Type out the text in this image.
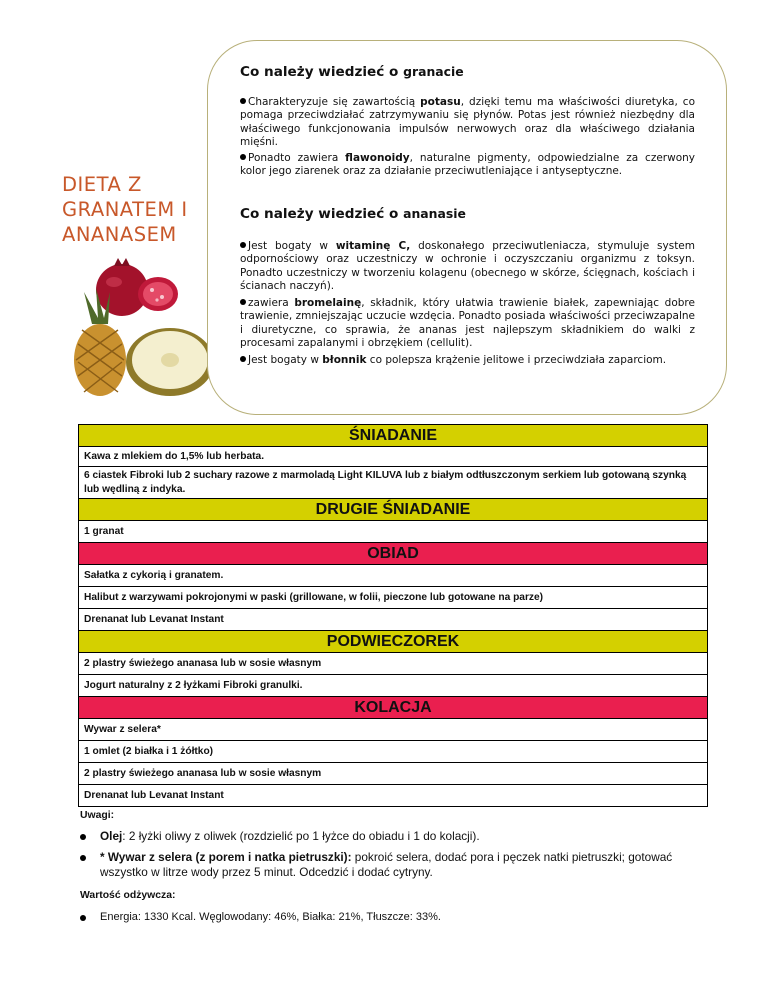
DIETA Z
GRANATEM I
ANANASEM
Co należy wiedzieć o granacie
Charakteryzuje się zawartością potasu, dzięki temu ma właściwości diuretyka, co pomaga przeciwdziałać zatrzymywaniu się płynów. Potas jest również niezbędny dla właściwego funkcjonowania impulsów nerwowych oraz dla właściwego działania mięśni.
Ponadto zawiera flawonoidy, naturalne pigmenty, odpowiedzialne za czerwony kolor jego ziarenek oraz za działanie przeciwutleniające i antyseptyczne.
Co należy wiedzieć o ananasie
Jest bogaty w witaminę C, doskonałego przeciwutleniacza, stymuluje system odpornościowy oraz uczestniczy w ochronie i oczyszczaniu organizmu z toksyn. Ponadto uczestniczy w tworzeniu kolagenu (obecnego w skórze, ścięgnach, kościach i ścianach naczyń).
zawiera bromelainę, składnik, który ułatwia trawienie białek, zapewniając dobre trawienie, zmniejszając uczucie wzdęcia. Ponadto posiada właściwości przeciwzapalne i diuretyczne, co sprawia, że ananas jest najlepszym składnikiem do walki z procesami zapalanymi i obrzękiem (cellulit).
Jest bogaty w błonnik co polepsza krążenie jelitowe i przeciwdziała zaparciom.
ŚNIADANIE
Kawa z mlekiem do 1,5% lub herbata.
6 ciastek Fibroki lub 2 suchary razowe z marmoladą Light KILUVA lub z białym odtłuszczonym serkiem lub gotowaną szynką lub wędliną z indyka.
DRUGIE ŚNIADANIE
1 granat
OBIAD
Sałatka z cykorią i granatem.
Halibut z warzywami pokrojonymi w paski (grillowane, w folii, pieczone lub gotowane na parze)
Drenanat lub Levanat Instant
PODWIECZOREK
2 plastry świeżego ananasa lub w sosie własnym
Jogurt naturalny z 2 łyżkami Fibroki granulki.
KOLACJA
Wywar z selera*
1 omlet (2 białka i 1 żółtko)
2 plastry świeżego ananasa lub w sosie własnym
Drenanat lub Levanat Instant
Uwagi:
Olej: 2 łyżki oliwy z oliwek (rozdzielić po 1 łyżce do obiadu i 1 do kolacji).
* Wywar z selera (z porem i natka pietruszki): pokroić selera, dodać pora i pęczek natki pietruszki; gotować wszystko w litrze wody przez 5 minut. Odcedzić i dodać cytryny.
Wartość odżywcza:
Energia: 1330 Kcal. Węglowodany: 46%, Białka: 21%, Tłuszcze: 33%.
